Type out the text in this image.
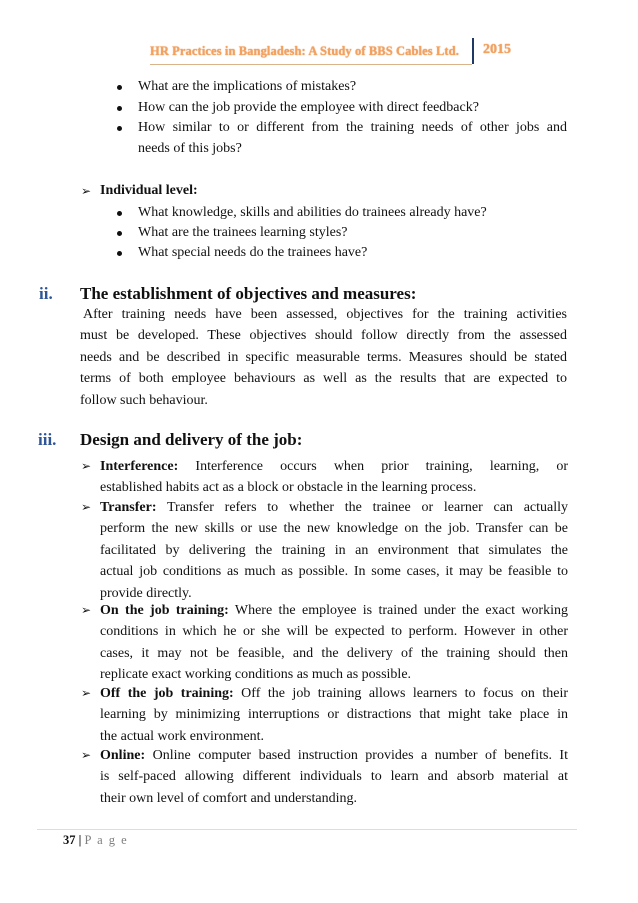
HR Practices in Bangladesh: A Study of BBS Cables Ltd. 2015
What are the implications of mistakes?
How can the job provide the employee with direct feedback?
How similar to or different from the training needs of other jobs and
needs of this jobs?
➢ Individual level:
What knowledge, skills and abilities do trainees already have?
What are the trainees learning styles?
What special needs do the trainees have?
ii. The establishment of objectives and measures:
After training needs have been assessed, objectives for the training activities
must be developed. These objectives should follow directly from the assessed
needs and be described in specific measurable terms. Measures should be stated
terms of both employee behaviours as well as the results that are expected to
follow such behaviour.
iii. Design and delivery of the job:
➢ Interference: Interference occurs when prior training, learning, or
established habits act as a block or obstacle in the learning process.
➢ Transfer: Transfer refers to whether the trainee or learner can actually
perform the new skills or use the new knowledge on the job. Transfer can be
facilitated by delivering the training in an environment that simulates the
actual job conditions as much as possible. In some cases, it may be feasible to
provide directly.
➢ On the job training: Where the employee is trained under the exact working
conditions in which he or she will be expected to perform. However in other
cases, it may not be feasible, and the delivery of the training should then
replicate exact working conditions as much as possible.
➢ Off the job training: Off the job training allows learners to focus on their
learning by minimizing interruptions or distractions that might take place in
the actual work environment.
➢ Online: Online computer based instruction provides a number of benefits. It
is self-paced allowing different individuals to learn and absorb material at
their own level of comfort and understanding.
37 | P a g e
